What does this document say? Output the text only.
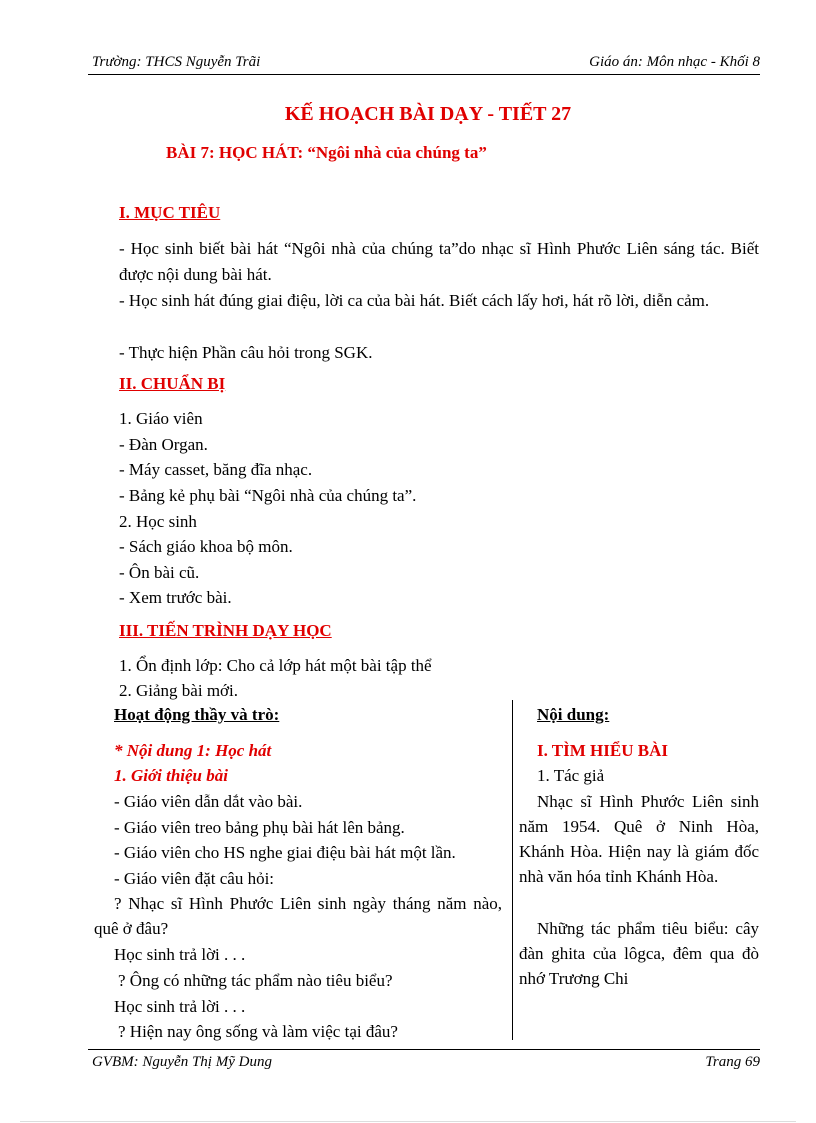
Trường: THCS Nguyễn Trãi	Giáo án: Môn nhạc - Khối 8
KẾ HOẠCH BÀI DẠY - TIẾT 27
BÀI 7: HỌC HÁT: “Ngôi nhà của chúng ta”
I. MỤC TIÊU
- Học sinh biết bài hát “Ngôi nhà của chúng ta”do nhạc sĩ Hình Phước Liên sáng tác. Biết được nội dung bài hát.
- Học sinh hát đúng giai điệu, lời ca của bài hát. Biết cách lấy hơi, hát rõ lời, diễn cảm.
- Thực hiện Phần câu hỏi trong SGK.
II. CHUẨN BỊ
1. Giáo viên
- Đàn Organ.
- Máy casset, băng đĩa nhạc.
- Bảng kẻ phụ bài “Ngôi nhà của chúng ta”.
2. Học sinh
- Sách giáo khoa bộ môn.
- Ôn bài cũ.
- Xem trước bài.
III. TIẾN TRÌNH DẠY HỌC
1. Ổn định lớp: Cho cả lớp hát một bài tập thể
2. Giảng bài mới.
Hoạt động thầy và trò:	Nội dung:
* Nội dung 1: Học hát
1. Giới thiệu bài
- Giáo viên dẫn dắt vào bài.
- Giáo viên treo bảng phụ bài hát lên bảng.
- Giáo viên cho HS nghe giai điệu bài hát một lần.
- Giáo viên đặt câu hỏi:
? Nhạc sĩ Hình Phước Liên sinh ngày tháng năm nào, quê ở đâu?
Học sinh trả lời . . .
? Ông có những tác phẩm nào tiêu biểu?
Học sinh trả lời . . .
? Hiện nay ông sống và làm việc tại đâu?
I. TÌM HIỂU BÀI
1. Tác giả
Nhạc sĩ Hình Phước Liên sinh năm 1954. Quê ở Ninh Hòa, Khánh Hòa. Hiện nay là giám đốc nhà văn hóa tỉnh Khánh Hòa.
Những tác phẩm tiêu biểu: cây đàn ghita của lôgca, đêm qua đò nhớ Trương Chi
GVBM: Nguyễn Thị Mỹ Dung	Trang 69
